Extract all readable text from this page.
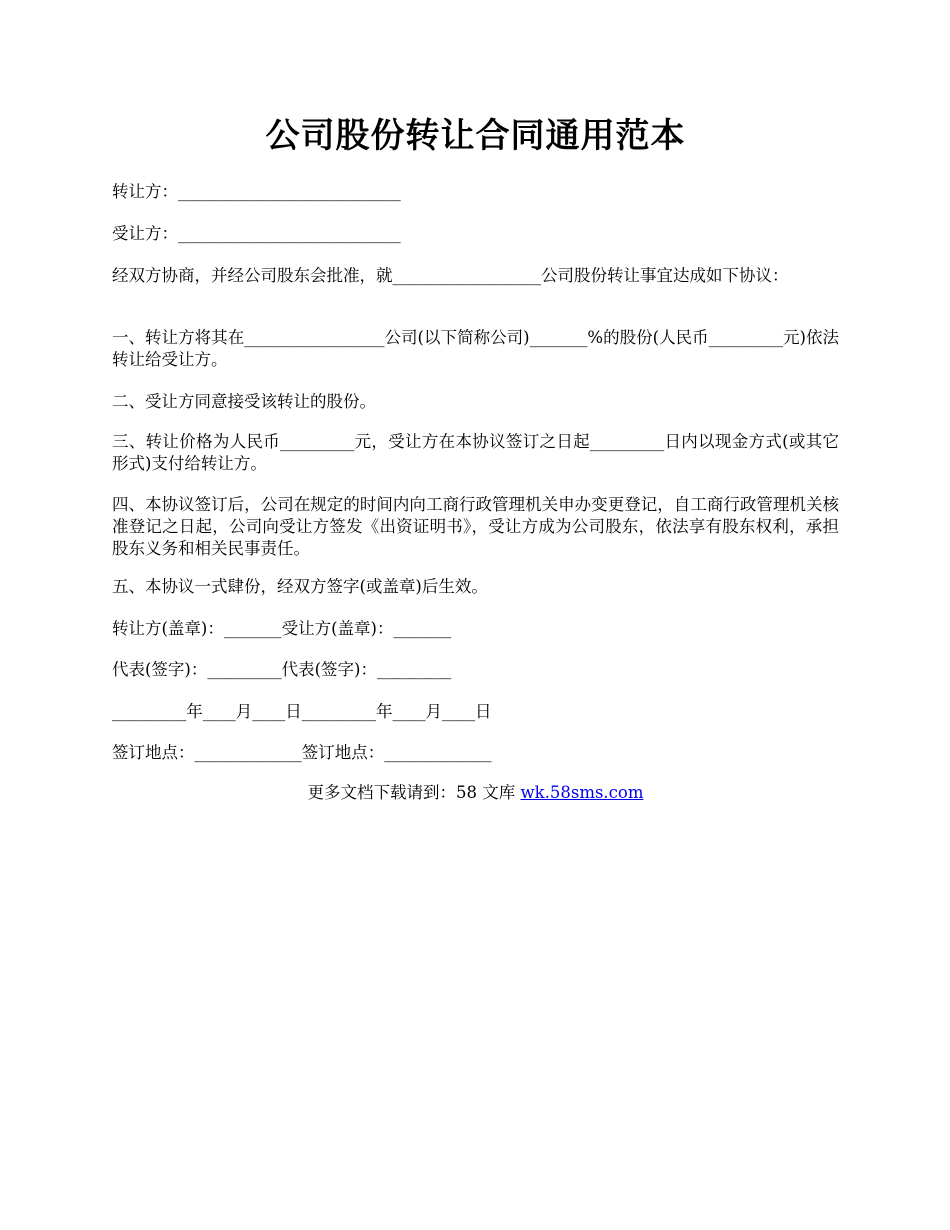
公司股份转让合同通用范本

转让方：___________________________

受让方：___________________________

经双方协商，并经公司股东会批准，就__________________公司股份转让事宜达成如下协议：

一、转让方将其在_________________公司(以下简称公司)_______%的股份(人民币_________元)依法转让给受让方。

二、受让方同意接受该转让的股份。

三、转让价格为人民币_________元，受让方在本协议签订之日起_________日内以现金方式(或其它形式)支付给转让方。

四、本协议签订后，公司在规定的时间内向工商行政管理机关申办变更登记，自工商行政管理机关核准登记之日起，公司向受让方签发《出资证明书》，受让方成为公司股东，依法享有股东权利，承担股东义务和相关民事责任。

五、本协议一式肆份，经双方签字(或盖章)后生效。

转让方(盖章)：_______受让方(盖章)：_______

代表(签字)：_________代表(签字)：_________

_________年____月____日_________年____月____日

签订地点：_____________签订地点：_____________

更多文档下载请到：58 文库 wk.58sms.com
